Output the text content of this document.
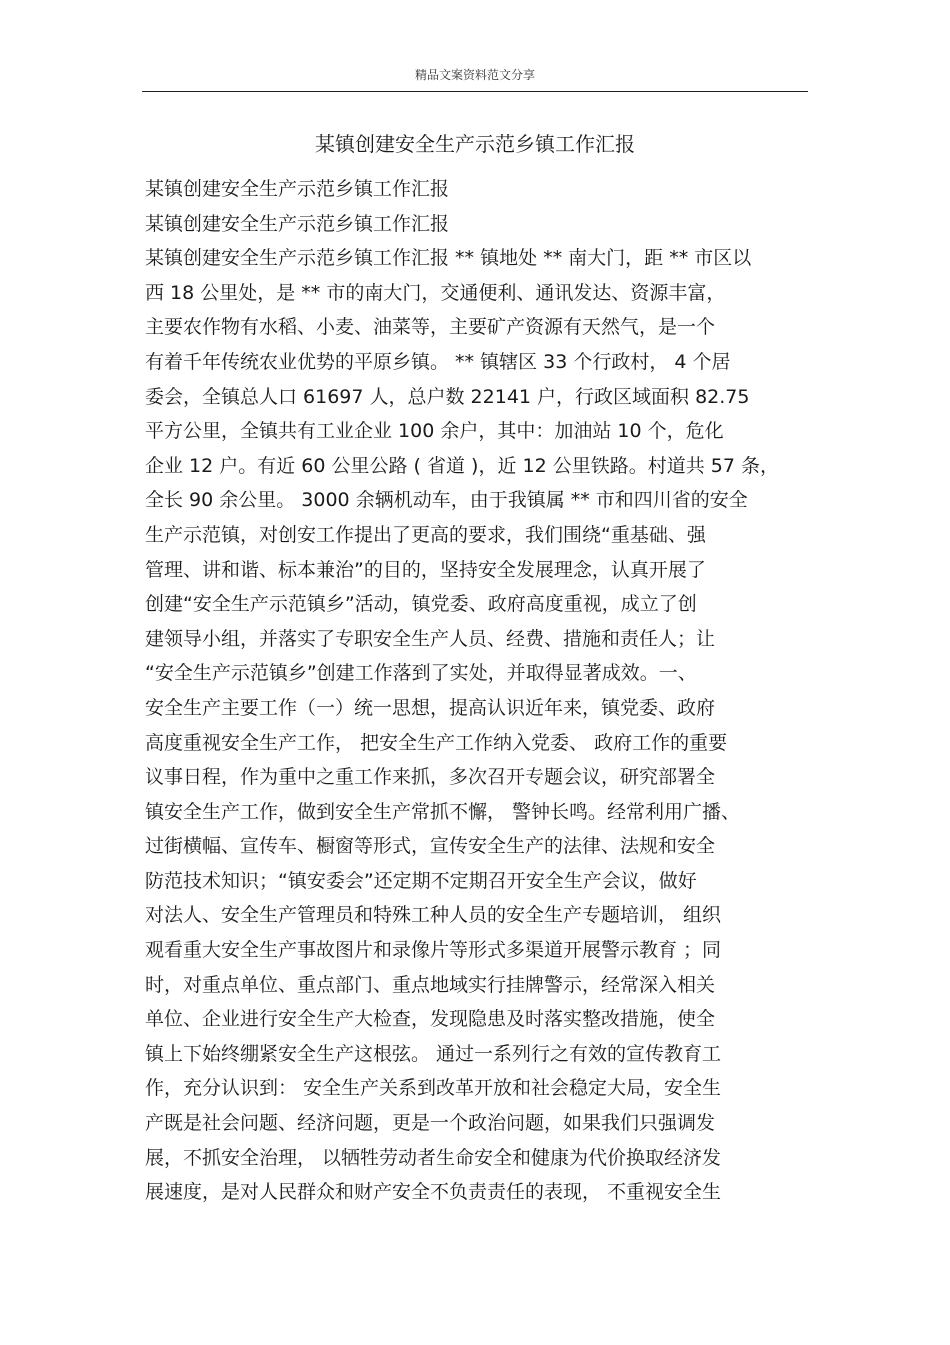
精品文案资料范文分享
某镇创建安全生产示范乡镇工作汇报
某镇创建安全生产示范乡镇工作汇报
某镇创建安全生产示范乡镇工作汇报
某镇创建安全生产示范乡镇工作汇报 ** 镇地处 ** 南大门，距 ** 市区以
西 18 公里处，是 ** 市的南大门，交通便利、通讯发达、资源丰富，
主要农作物有水稻、小麦、油菜等，主要矿产资源有天然气，是一个
有着千年传统农业优势的平原乡镇。 ** 镇辖区 33 个行政村， 4 个居
委会，全镇总人口 61697 人，总户数 22141 户，行政区域面积 82.75
平方公里，全镇共有工业企业 100 余户，其中：加油站 10 个，危化
企业 12 户。有近 60 公里公路 ( 省道 )，近 12 公里铁路。村道共 57 条，
全长 90 余公里。 3000 余辆机动车，由于我镇属 ** 市和四川省的安全
生产示范镇，对创安工作提出了更高的要求，我们围绕“重基础、强
管理、讲和谐、标本兼治”的目的，坚持安全发展理念，认真开展了
创建“安全生产示范镇乡”活动，镇党委、政府高度重视，成立了创
建领导小组，并落实了专职安全生产人员、经费、措施和责任人；让
“安全生产示范镇乡”创建工作落到了实处，并取得显著成效。一、
安全生产主要工作（一）统一思想，提高认识近年来，镇党委、政府
高度重视安全生产工作， 把安全生产工作纳入党委、 政府工作的重要
议事日程，作为重中之重工作来抓，多次召开专题会议，研究部署全
镇安全生产工作，做到安全生产常抓不懈， 警钟长鸣。经常利用广播、
过街横幅、宣传车、橱窗等形式，宣传安全生产的法律、法规和安全
防范技术知识；“镇安委会”还定期不定期召开安全生产会议，做好
对法人、安全生产管理员和特殊工种人员的安全生产专题培训， 组织
观看重大安全生产事故图片和录像片等形式多渠道开展警示教育 ；同
时，对重点单位、重点部门、重点地域实行挂牌警示，经常深入相关
单位、企业进行安全生产大检查，发现隐患及时落实整改措施，使全
镇上下始终绷紧安全生产这根弦。 通过一系列行之有效的宣传教育工
作，充分认识到： 安全生产关系到改革开放和社会稳定大局，安全生
产既是社会问题、经济问题，更是一个政治问题，如果我们只强调发
展，不抓安全治理， 以牺牲劳动者生命安全和健康为代价换取经济发
展速度，是对人民群众和财产安全不负责责任的表现， 不重视安全生
